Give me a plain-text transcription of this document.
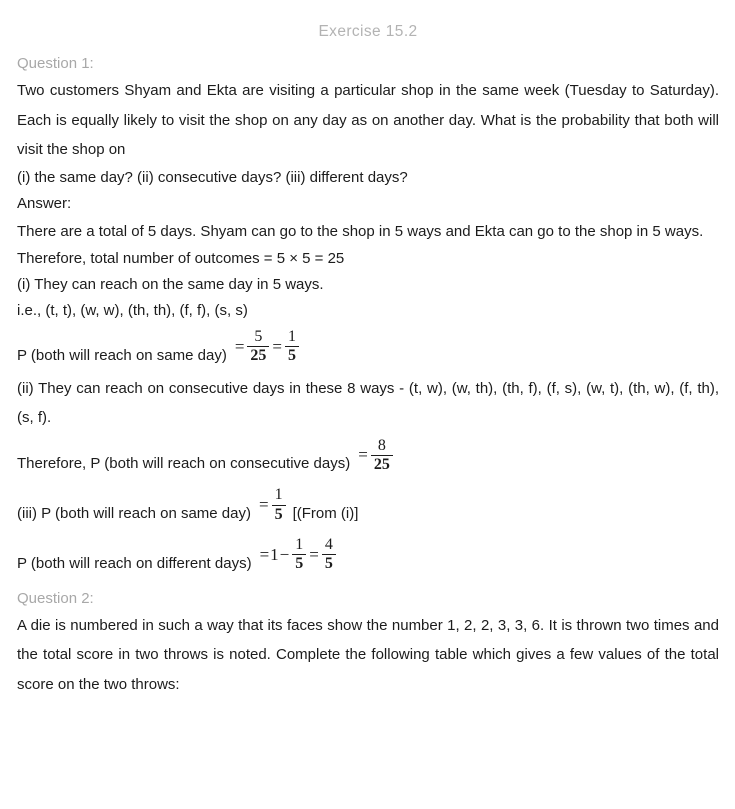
Exercise 15.2
Question 1:
Two customers Shyam and Ekta are visiting a particular shop in the same week (Tuesday to Saturday). Each is equally likely to visit the shop on any day as on another day. What is the probability that both will visit the shop on
(i) the same day? (ii) consecutive days? (iii) different days?
Answer:
There are a total of 5 days. Shyam can go to the shop in 5 ways and Ekta can go to the shop in 5 ways.
Therefore, total number of outcomes = 5 × 5 = 25
(i) They can reach on the same day in 5 ways.
i.e., (t, t), (w, w), (th, th), (f, f), (s, s)
P (both will reach on same $day) = \frac{5}{25} = \frac{1}{5}$
(ii) They can reach on consecutive days in these 8 ways - (t, w), (w, th), (th, f), (f, s), (w, t), (th, w), (f, th), (s, f).
Therefore, P (both will reach on consecutive days) = $\frac{8}{25}$
(iii) P (both will reach on same $day) = \frac{1}{5}$ [(From (i)]
P (both will reach on different days) $=1- \frac{1}{5} = \frac{4}{5}$
Question 2:
A die is numbered in such a way that its faces show the number 1, 2, 2, 3, 3, 6. It is thrown two times and the total score in two throws is noted. Complete the following table which gives a few values of the total score on the two throws:
